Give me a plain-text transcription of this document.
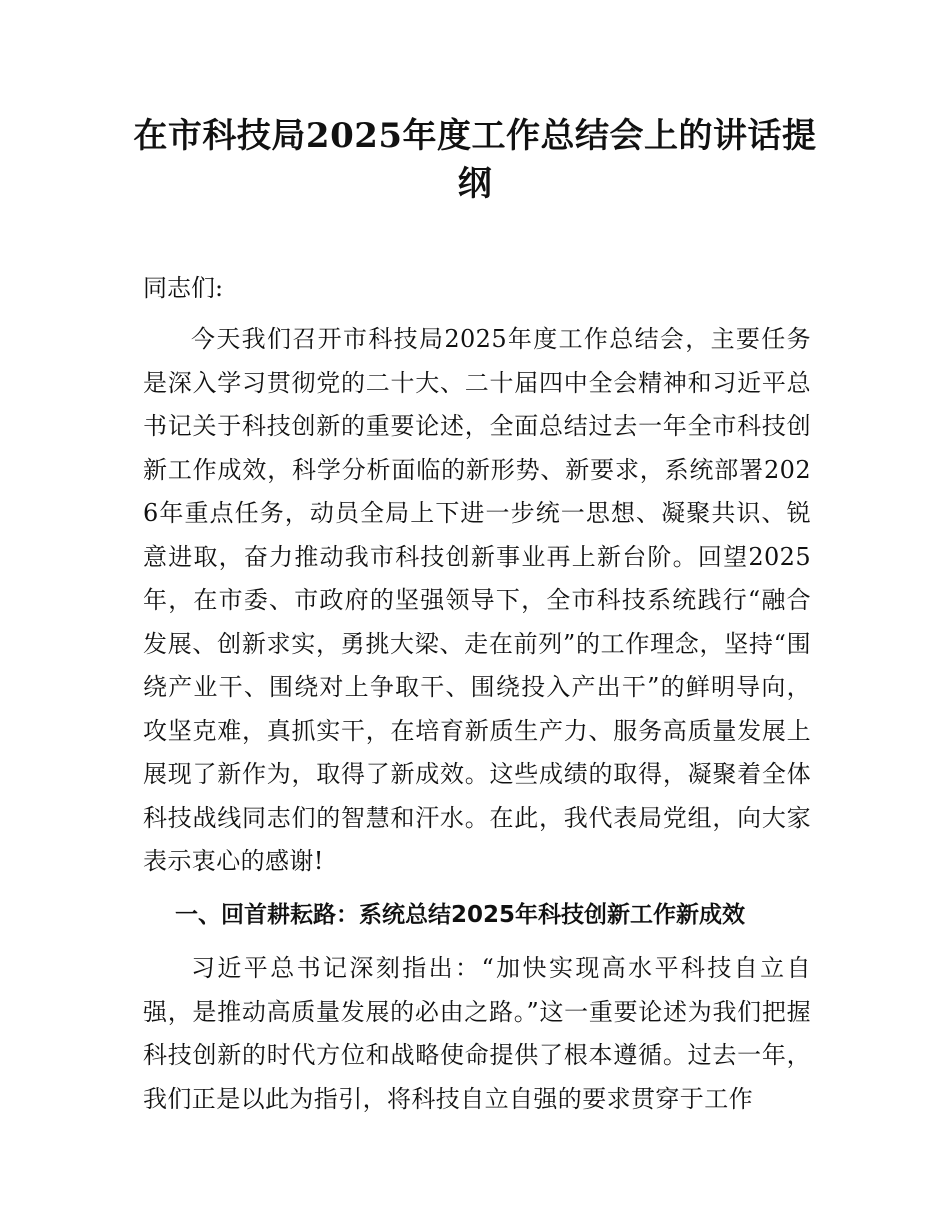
在市科技局2025年度工作总结会上的讲话提纲

同志们:

今天我们召开市科技局2025年度工作总结会，主要任务是深入学习贯彻党的二十大、二十届四中全会精神和习近平总书记关于科技创新的重要论述，全面总结过去一年全市科技创新工作成效，科学分析面临的新形势、新要求，系统部署2026年重点任务，动员全局上下进一步统一思想、凝聚共识、锐意进取，奋力推动我市科技创新事业再上新台阶。回望2025年，在市委、市政府的坚强领导下，全市科技系统践行“融合发展、创新求实，勇挑大梁、走在前列”的工作理念，坚持“围绕产业干、围绕对上争取干、围绕投入产出干”的鲜明导向，攻坚克难，真抓实干，在培育新质生产力、服务高质量发展上展现了新作为，取得了新成效。这些成绩的取得，凝聚着全体科技战线同志们的智慧和汗水。在此，我代表局党组，向大家表示衷心的感谢!

一、回首耕耘路：系统总结2025年科技创新工作新成效

习近平总书记深刻指出：“加快实现高水平科技自立自强，是推动高质量发展的必由之路。”这一重要论述为我们把握科技创新的时代方位和战略使命提供了根本遵循。过去一年，我们正是以此为指引，将科技自立自强的要求贯穿于工作
